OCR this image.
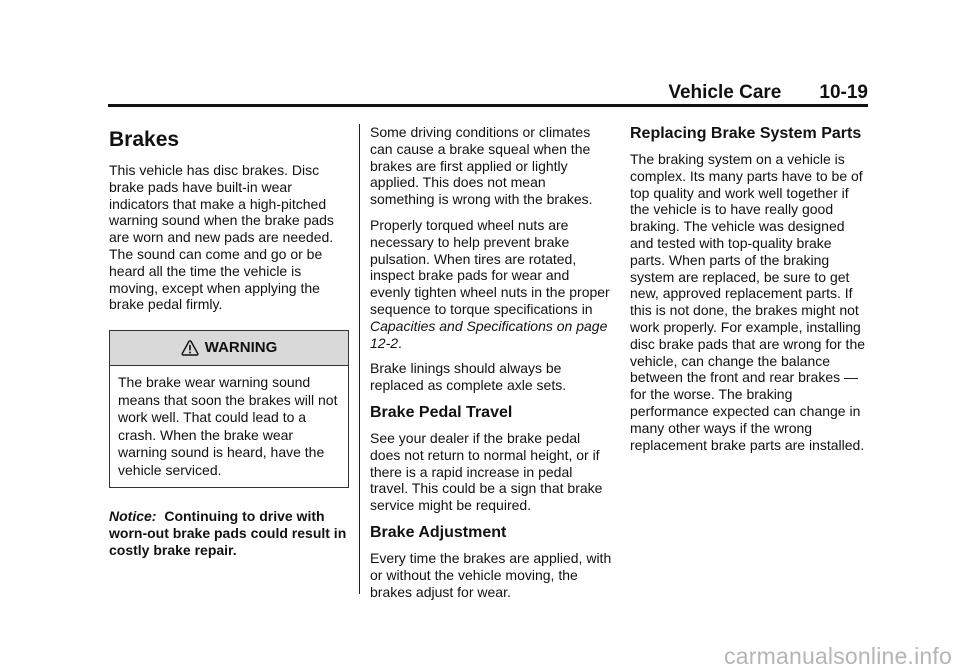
Vehicle Care 10-19
Brakes

This vehicle has disc brakes. Disc brake pads have built-in wear indicators that make a high-pitched warning sound when the brake pads are worn and new pads are needed. The sound can come and go or be heard all the time the vehicle is moving, except when applying the brake pedal firmly.

WARNING
The brake wear warning sound means that soon the brakes will not work well. That could lead to a crash. When the brake wear warning sound is heard, have the vehicle serviced.

Notice: Continuing to drive with worn-out brake pads could result in costly brake repair.

Some driving conditions or climates can cause a brake squeal when the brakes are first applied or lightly applied. This does not mean something is wrong with the brakes.

Properly torqued wheel nuts are necessary to help prevent brake pulsation. When tires are rotated, inspect brake pads for wear and evenly tighten wheel nuts in the proper sequence to torque specifications in Capacities and Specifications on page 12-2.

Brake linings should always be replaced as complete axle sets.

Brake Pedal Travel

See your dealer if the brake pedal does not return to normal height, or if there is a rapid increase in pedal travel. This could be a sign that brake service might be required.

Brake Adjustment

Every time the brakes are applied, with or without the vehicle moving, the brakes adjust for wear.

Replacing Brake System Parts

The braking system on a vehicle is complex. Its many parts have to be of top quality and work well together if the vehicle is to have really good braking. The vehicle was designed and tested with top-quality brake parts. When parts of the braking system are replaced, be sure to get new, approved replacement parts. If this is not done, the brakes might not work properly. For example, installing disc brake pads that are wrong for the vehicle, can change the balance between the front and rear brakes — for the worse. The braking performance expected can change in many other ways if the wrong replacement brake parts are installed.

carmanualsonline.info
